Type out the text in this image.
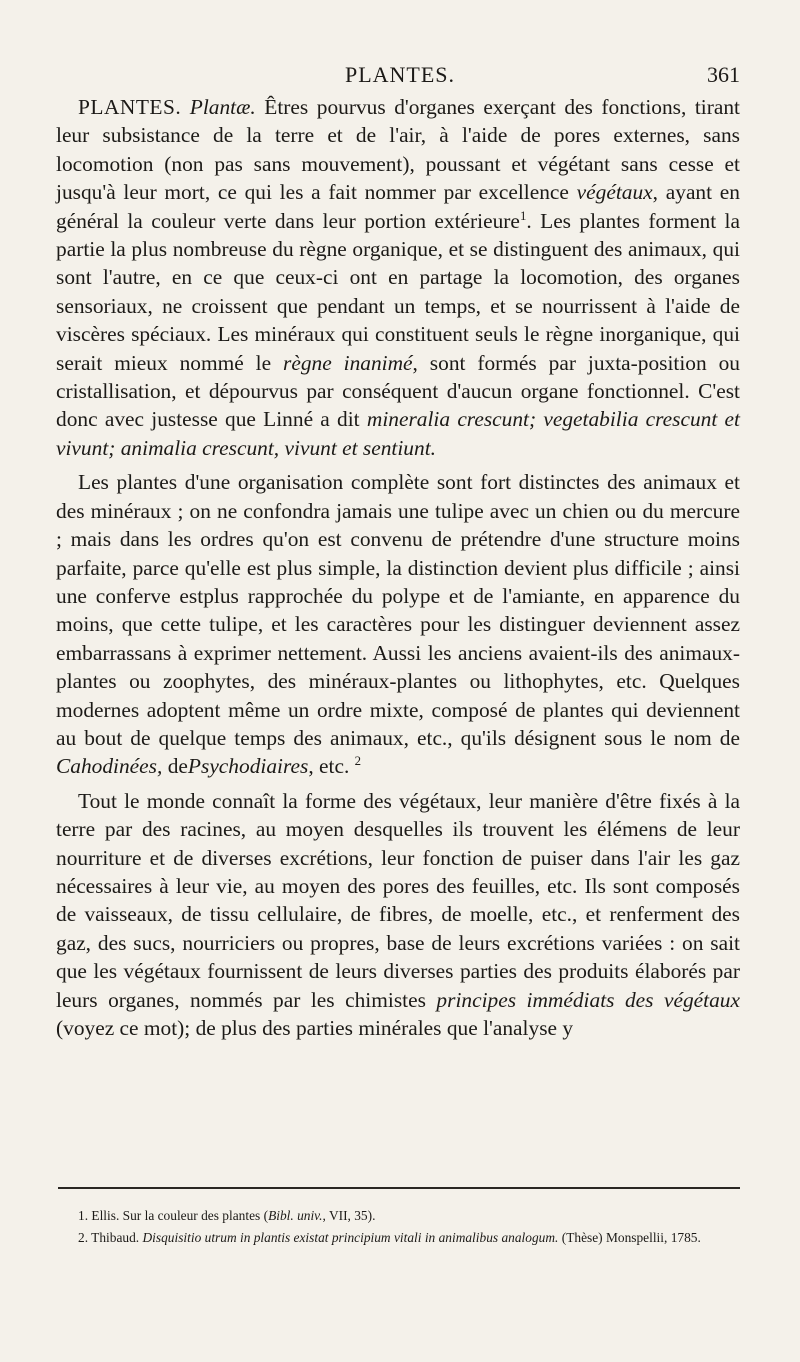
PLANTES.	361

PLANTES. Plantæ. Êtres pourvus d'organes exerçant des fonctions, tirant leur subsistance de la terre et de l'air, à l'aide de pores externes, sans locomotion (non pas sans mouvement), poussant et végétant sans cesse et jusqu'à leur mort, ce qui les a fait nommer par excellence végétaux, ayant en général la couleur verte dans leur portion extérieure$^1$. Les plantes forment la partie la plus nombreuse du règne organique, et se distinguent des animaux, qui sont l'autre, en ce que ceux-ci ont en partage la locomotion, des organes sensoriaux, ne croissent que pendant un temps, et se nourrissent à l'aide de viscères spéciaux. Les minéraux qui constituent seuls le règne inorganique, qui serait mieux nommé le règne inanimé, sont formés par juxta-position ou cristallisation, et dépourvus par conséquent d'aucun organe fonctionnel. C'est donc avec justesse que Linné a dit mineralia crescunt; vegetabilia crescunt et vivunt; animalia crescunt, vivunt et sentiunt.

Les plantes d'une organisation complète sont fort distinctes des animaux et des minéraux ; on ne confondra jamais une tulipe avec un chien ou du mercure ; mais dans les ordres qu'on est convenu de prétendre d'une structure moins parfaite, parce qu'elle est plus simple, la distinction devient plus difficile ; ainsi une conferve estplus rapprochée du polype et de l'amiante, en apparence du moins, que cette tulipe, et les caractères pour les distinguer deviennent assez embarrassans à exprimer nettement. Aussi les anciens avaient-ils des animaux-plantes ou zoophytes, des minéraux-plantes ou lithophytes, etc. Quelques modernes adoptent même un ordre mixte, composé de plantes qui deviennent au bout de quelque temps des animaux, etc., qu'ils désignent sous le nom de Cahodinées, dePsychodiaires, etc. $^2$

Tout le monde connaît la forme des végétaux, leur manière d'être fixés à la terre par des racines, au moyen desquelles ils trouvent les élémens de leur nourriture et de diverses excrétions, leur fonction de puiser dans l'air les gaz nécessaires à leur vie, au moyen des pores des feuilles, etc. Ils sont composés de vaisseaux, de tissu cellulaire, de fibres, de moelle, etc., et renferment des gaz, des sucs, nourriciers ou propres, base de leurs excrétions variées : on sait que les végétaux fournissent de leurs diverses parties des produits élaborés par leurs organes, nommés par les chimistes principes immédiats des végétaux (voyez ce mot); de plus des parties minérales que l'analyse y

1. Ellis. Sur la couleur des plantes (Bibl. univ., VII, 35).

2. Thibaud. Disquisitio utrum in plantis existat principium vitali in animalibus analogum. (Thèse) Monspellii, 1785.
